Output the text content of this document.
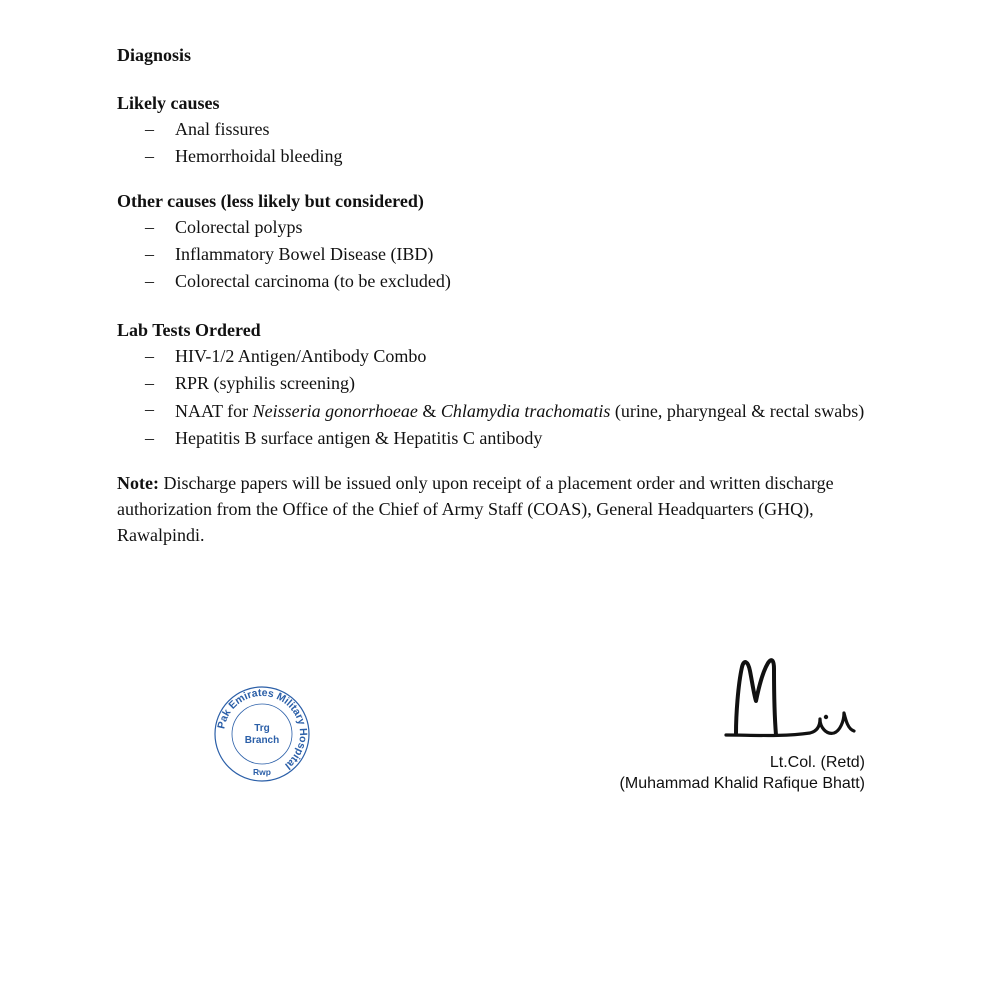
Diagnosis

Likely causes

– Anal fissures
– Hemorrhoidal bleeding

Other causes (less likely but considered)

– Colorectal polyps
– Inflammatory Bowel Disease (IBD)
– Colorectal carcinoma (to be excluded)

Lab Tests Ordered

– HIV-1/2 Antigen/Antibody Combo
– RPR (syphilis screening)
– NAAT for Neisseria gonorrhoeae & Chlamydia trachomatis (urine, pharyngeal & rectal swabs)
– Hepatitis B surface antigen & Hepatitis C antibody

Note: Discharge papers will be issued only upon receipt of a placement order and written discharge authorization from the Office of the Chief of Army Staff (COAS), General Headquarters (GHQ), Rawalpindi.

Pak Emirates Military Hospital
Trg
Branch
Rwp
Lt.Col. (Retd)
(Muhammad Khalid Rafique Bhatt)
